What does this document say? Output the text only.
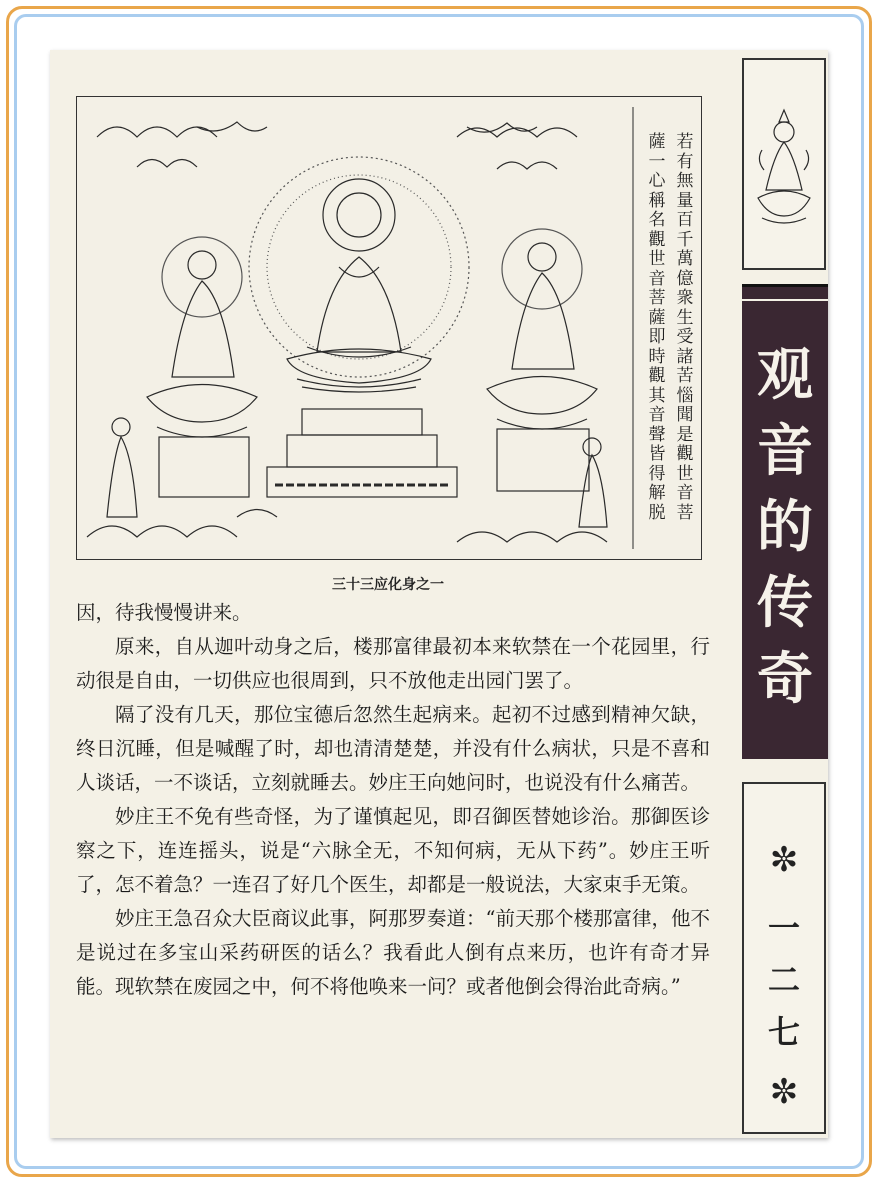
若
有
無
量
百
千
萬
億
衆
生
受
諸
苦
惱
聞
是
觀
世
音
菩
薩
一
心
稱
名
觀
世
音
菩
薩
即
時
觀
其
音
聲
皆
得
解
脱
三十三应化身之一

因，待我慢慢讲来。

原来，自从迦叶动身之后，楼那富律最初本来软禁在一个花园里，行动很是自由，一切供应也很周到，只不放他走出园门罢了。

隔了没有几天，那位宝德后忽然生起病来。起初不过感到精神欠缺，终日沉睡，但是喊醒了时，却也清清楚楚，并没有什么病状，只是不喜和人谈话，一不谈话，立刻就睡去。妙庄王向她问时，也说没有什么痛苦。

妙庄王不免有些奇怪，为了谨慎起见，即召御医替她诊治。那御医诊察之下，连连摇头，说是“六脉全无，不知何病，无从下药”。妙庄王听了，怎不着急？一连召了好几个医生，却都是一般说法，大家束手无策。

妙庄王急召众大臣商议此事，阿那罗奏道：“前天那个楼那富律，他不是说过在多宝山采药研医的话么？我看此人倒有点来历，也许有奇才异能。现软禁在废园之中，何不将他唤来一问？或者他倒会得治此奇病。”

观
音
的
传
奇
✼
一
二
七
✼
